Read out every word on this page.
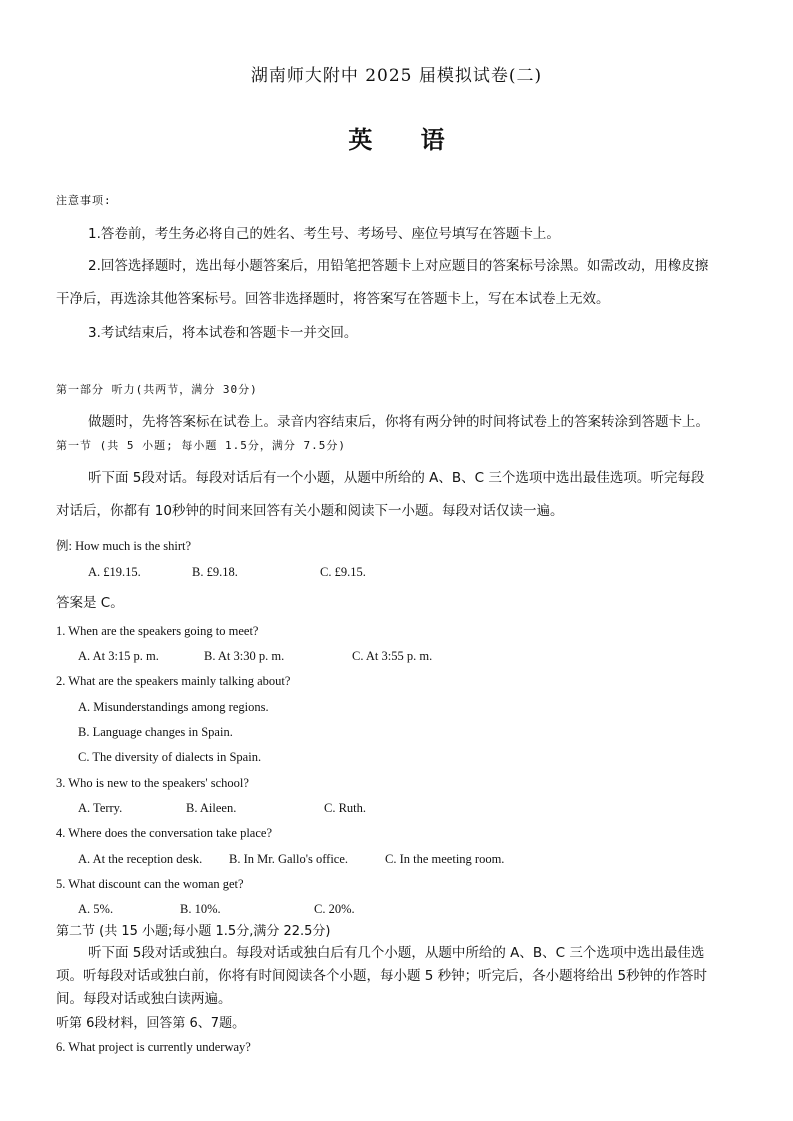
湖南师大附中 2025 届模拟试卷(二)
英 语
注意事项:
1.答卷前，考生务必将自己的姓名、考生号、考场号、座位号填写在答题卡上。
2.回答选择题时，选出每小题答案后，用铅笔把答题卡上对应题目的答案标号涂黑。如需改动，用橡皮擦
干净后，再选涂其他答案标号。回答非选择题时，将答案写在答题卡上，写在本试卷上无效。
3.考试结束后，将本试卷和答题卡一并交回。
第一部分 听力(共两节，满分 30分)
做题时，先将答案标在试卷上。录音内容结束后，你将有两分钟的时间将试卷上的答案转涂到答题卡上。
第一节 (共 5 小题; 每小题 1.5分，满分 7.5分)
听下面 5段对话。每段对话后有一个小题，从题中所给的 A、B、C 三个选项中选出最佳选项。听完每段
对话后，你都有 10秒钟的时间来回答有关小题和阅读下一小题。每段对话仅读一遍。
例: How much is the shirt?
A. £19.15.	B. £9.18.	C. £9.15.
答案是 C。
1. When are the speakers going to meet?
A. At 3:15 p. m.	B. At 3:30 p. m.	C. At 3:55 p. m.
2. What are the speakers mainly talking about?
A. Misunderstandings among regions.
B. Language changes in Spain.
C. The diversity of dialects in Spain.
3. Who is new to the speakers' school?
A. Terry.	B. Aileen.	C. Ruth.
4. Where does the conversation take place?
A. At the reception desk. B. In Mr. Gallo's office.	C. In the meeting room.
5. What discount can the woman get?
A. 5%.	B. 10%.	C. 20%.
第二节 (共 15 小题;每小题 1.5分,满分 22.5分)
听下面 5段对话或独白。每段对话或独白后有几个小题，从题中所给的 A、B、C 三个选项中选出最佳选
项。听每段对话或独白前，你将有时间阅读各个小题，每小题 5 秒钟；听完后，各小题将给出 5秒钟的作答时
间。每段对话或独白读两遍。
听第 6段材料，回答第 6、7题。
6. What project is currently underway?
